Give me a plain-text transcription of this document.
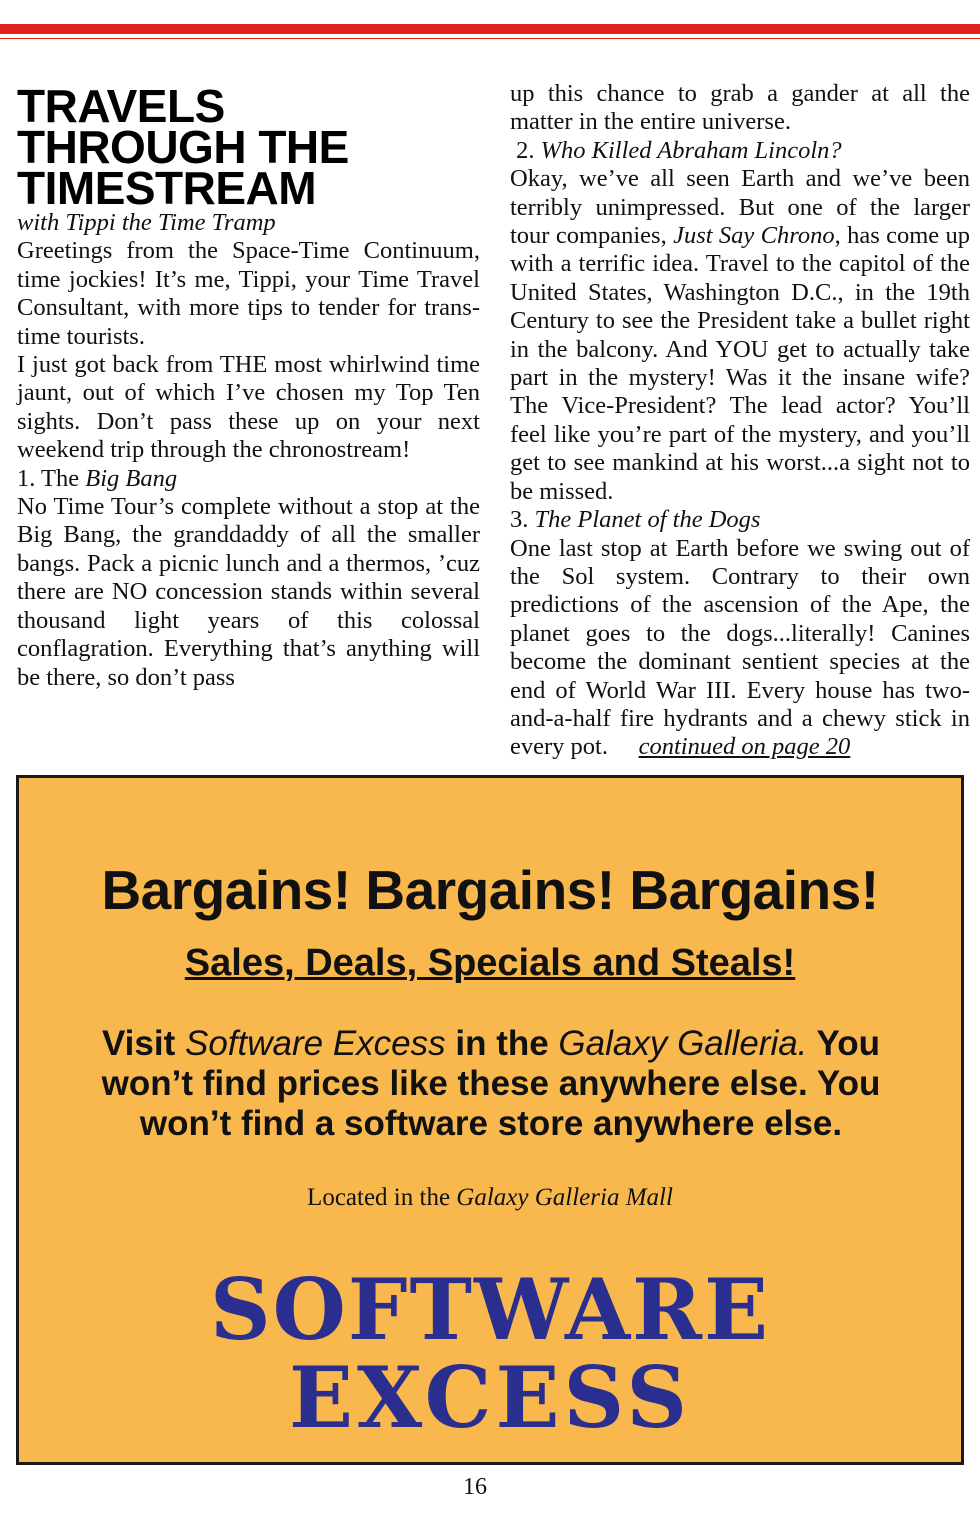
TRAVELS
THROUGH THE
TIMESTREAM

with Tippi the Time Tramp

Greetings from the Space-Time Continuum, time jockies! It’s me, Tippi, your Time Travel Consultant, with more tips to tender for trans-time tourists.

I just got back from THE most whirlwind time jaunt, out of which I’ve chosen my Top Ten sights. Don’t pass these up on your next weekend trip through the chronostream!

1. The Big Bang

No Time Tour’s complete without a stop at the Big Bang, the granddaddy of all the smaller bangs. Pack a picnic lunch and a thermos, ’cuz there are NO concession stands within several thousand light years of this colossal conflagration. Everything that’s anything will be there, so don’t pass

up this chance to grab a gander at all the matter in the entire universe.

2. Who Killed Abraham Lincoln?

Okay, we’ve all seen Earth and we’ve been terribly unimpressed. But one of the larger tour companies, Just Say Chrono, has come up with a terrific idea. Travel to the capitol of the United States, Washington D.C., in the 19th Century to see the President take a bullet right in the balcony. And YOU get to actually take part in the mystery! Was it the insane wife? The Vice-President? The lead actor? You’ll feel like you’re part of the mystery, and you’ll get to see mankind at his worst...a sight not to be missed.

3. The Planet of the Dogs

One last stop at Earth before we swing out of the Sol system. Contrary to their own predictions of the ascension of the Ape, the planet goes to the dogs...literally! Canines become the dominant sentient species at the end of World War III. Every house has two-and-a-half fire hydrants and a chewy stick in every pot. continued on page 20

Bargains! Bargains! Bargains!
Sales, Deals, Specials and Steals!
Visit Software Excess in the Galaxy Galleria. You won’t find prices like these anywhere else. You won’t find a software store anywhere else.
Located in the Galaxy Galleria Mall
SOFTWARE
EXCESS
16
